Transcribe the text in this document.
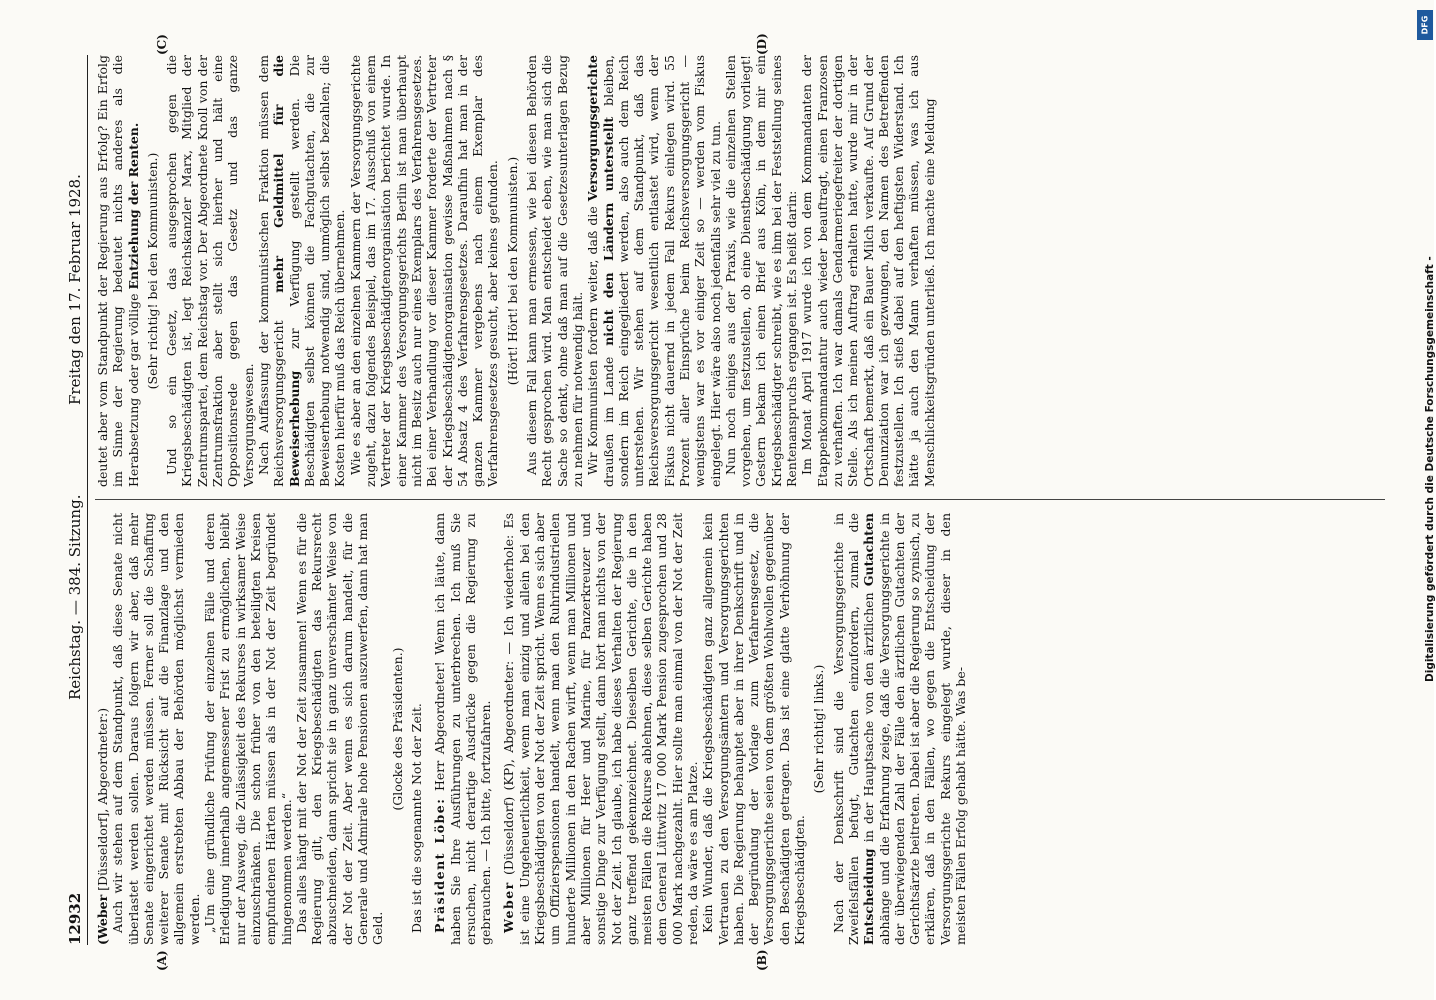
12932
Reichstag. — 384. Sitzung.
Freitag den 17. Februar 1928.

(Weber [Düsseldorf], Abgeordneter:) Auch wir stehen auf dem Standpunkt, daß diese Senate nicht überlastet werden sollen. Daraus folgern wir aber, daß mehr Senate eingerichtet werden müssen. Ferner soll die Schaffung weiterer Senate mit Rücksicht auf die Finanzlage und den allgemein erstrebten Abbau der Behörden möglichst vermieden werden. „Um eine gründliche Prüfung der einzelnen Fälle und deren Erledigung innerhalb angemessener Frist zu ermöglichen, bleibt nur der Ausweg, die Zulässigkeit des Rekurses in wirksamer Weise einzuschränken. Die schon früher von den beteiligten Kreisen empfundenen Härten müssen als in der Not der Zeit begründet hingenommen werden.“ Das alles hängt mit der Not der Zeit zusammen! Wenn es für die Regierung gilt, den Kriegsbeschädigten das Rekursrecht abzuschneiden, dann spricht sie in ganz unverschämter Weise von der Not der Zeit. Aber wenn es sich darum handelt, für die Generale und Admirale hohe Pensionen auszuwerfen, dann hat man Geld.

(Glocke des Präsidenten.) Das ist die sogenannte Not der Zeit. Präsident Löbe: Herr Abgeordneter! Wenn ich läute, dann haben Sie Ihre Ausführungen zu unterbrechen. Ich muß Sie ersuchen, nicht derartige Ausdrücke gegen die Regierung zu gebrauchen. — Ich bitte, fortzufahren. Weber (Düsseldorf) (KP), Abgeordneter: — Ich wiederhole: Es ist eine Ungeheuerlichkeit, wenn man einzig und allein bei den Kriegsbeschädigten von der Not der Zeit spricht. Wenn es sich aber um Offizierspensionen handelt, wenn man den Ruhrindustriellen hunderte Millionen in den Rachen wirft, wenn man Millionen und aber Millionen für Heer und Marine, für Panzerkreuzer und sonstige Dinge zur Verfügung stellt, dann hört man nichts von der Not der Zeit. Ich glaube, ich habe dieses Verhalten der Regierung ganz treffend gekennzeichnet. Dieselben Gerichte, die in den meisten Fällen die Rekurse ablehnen, diese selben Gerichte haben dem General Lüttwitz 17 000 Mark Pension zugesprochen und 28 000 Mark nachgezahlt. Hier sollte man einmal von der Not der Zeit reden, da wäre es am Platze. Kein Wunder, daß die Kriegsbeschädigten ganz allgemein kein Vertrauen zu den Versorgungsämtern und Versorgungsgerichten haben. Die Regierung behauptet aber in ihrer Denkschrift und in der Begründung der Vorlage zum Verfahrensgesetz, die Versorgungsgerichte seien von dem größten Wohlwollen gegenüber den Beschädigten getragen. Das ist eine glatte Verhöhnung der Kriegsbeschädigten.

(Sehr richtig! links.) Nach der Denkschrift sind die Versorgungsgerichte in Zweifelsfällen befugt, Gutachten einzufordern, zumal die Entscheidung in der Hauptsache von den ärztlichen Gutachten abhänge und die Erfahrung zeige, daß die Versorgungsgerichte in der überwiegenden Zahl der Fälle den ärztlichen Gutachten der Gerichtsärzte beitreten. Dabei ist aber die Regierung so zynisch, zu erklären, daß in den Fällen, wo gegen die Entscheidung der Versorgungsgerichte Rekurs eingelegt wurde, dieser in den meisten Fällen Erfolg gehabt hätte. Was be-

deutet aber vom Standpunkt der Regierung aus Erfolg? Ein Erfolg im Sinne der Regierung bedeutet nichts anderes als die Herabsetzung oder gar völlige Entziehung der Renten. (Sehr richtig! bei den Kommunisten.) Und so ein Gesetz, das ausgesprochen gegen die Kriegsbeschädigten ist, legt Reichskanzler Marx, Mitglied der Zentrumspartei, dem Reichstag vor. Der Abgeordnete Knoll von der Zentrumsfraktion aber stellt sich hierher und hält eine Oppositionsrede gegen das Gesetz und das ganze Versorgungswesen. Nach Auffassung der kommunistischen Fraktion müssen dem Reichsversorgungsgericht mehr Geldmittel für die Beweiserhebung zur Verfügung gestellt werden. Die Beschädigten selbst können die Fachgutachten, die zur Beweiserhebung notwendig sind, unmöglich selbst bezahlen; die Kosten hierfür muß das Reich übernehmen. Wie es aber an den einzelnen Kammern der Versorgungsgerichte zugeht, dazu folgendes Beispiel, das im 17. Ausschuß von einem Vertreter der Kriegsbeschädigtenorganisation berichtet wurde. In einer Kammer des Versorgungsgerichts Berlin ist man überhaupt nicht im Besitz auch nur eines Exemplars des Verfahrensgesetzes. Bei einer Verhandlung vor dieser Kammer forderte der Vertreter der Kriegsbeschädigtenorganisation gewisse Maßnahmen nach § 54 Absatz 4 des Verfahrensgesetzes. Daraufhin hat man in der ganzen Kammer vergebens nach einem Exemplar des Verfahrensgesetzes gesucht, aber keines gefunden. (Hört! Hört! bei den Kommunisten.) Aus diesem Fall kann man ermessen, wie bei diesen Behörden Recht gesprochen wird. Man entscheidet eben, wie man sich die Sache so denkt, ohne daß man auf die Gesetzesunterlagen Bezug zu nehmen für notwendig hält. Wir Kommunisten fordern weiter, daß die Versorgungsgerichte draußen im Lande nicht den Ländern unterstellt bleiben, sondern im Reich eingegliedert werden, also auch dem Reich unterstehen. Wir stehen auf dem Standpunkt, daß das Reichsversorgungsgericht wesentlich entlastet wird, wenn der Fiskus nicht dauernd in jedem Fall Rekurs einlegen wird. 55 Prozent aller Einsprüche beim Reichsversorgungsgericht — wenigstens war es vor einiger Zeit so — werden vom Fiskus eingelegt. Hier wäre also noch jedenfalls sehr viel zu tun. Nun noch einiges aus der Praxis, wie die einzelnen Stellen vorgehen, um festzustellen, ob eine Dienstbeschädigung vorliegt! Gestern bekam ich einen Brief aus Köln, in dem mir ein Kriegsbeschädigter schreibt, wie es ihm bei der Feststellung seines Rentenanspruchs ergangen ist. Es heißt darin: Im Monat April 1917 wurde ich von dem Kommandanten der Etappenkommandantur auch wieder beauftragt, einen Franzosen zu verhaften. Ich war damals Gendarmeriegefreiter der dortigen Stelle. Als ich meinen Auftrag erhalten hatte, wurde mir in der Ortschaft bemerkt, daß ein Bauer Milch verkaufte. Auf Grund der Denunziation war ich gezwungen, den Namen des Betreffenden festzustellen. Ich stieß dabei auf den heftigsten Widerstand. Ich hätte ja auch den Mann verhaften müssen, was ich aus Menschlichkeitsgründen unterließ. Ich machte eine Meldung

(A)	(B)
(C)	(D)
Digitalisierung gefördert durch die Deutsche Forschungsgemeinschaft -
DFG
